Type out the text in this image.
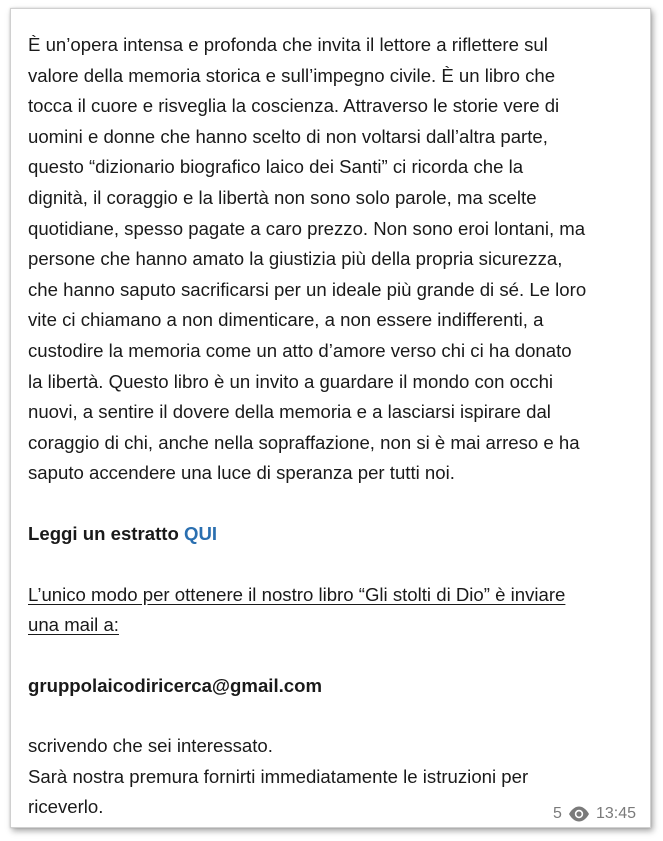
È un’opera intensa e profonda che invita il lettore a riflettere sul
valore della memoria storica e sull’impegno civile. È un libro che
tocca il cuore e risveglia la coscienza. Attraverso le storie vere di
uomini e donne che hanno scelto di non voltarsi dall’altra parte,
questo “dizionario biografico laico dei Santi” ci ricorda che la
dignità, il coraggio e la libertà non sono solo parole, ma scelte
quotidiane, spesso pagate a caro prezzo. Non sono eroi lontani, ma
persone che hanno amato la giustizia più della propria sicurezza,
che hanno saputo sacrificarsi per un ideale più grande di sé. Le loro
vite ci chiamano a non dimenticare, a non essere indifferenti, a
custodire la memoria come un atto d’amore verso chi ci ha donato
la libertà. Questo libro è un invito a guardare il mondo con occhi
nuovi, a sentire il dovere della memoria e a lasciarsi ispirare dal
coraggio di chi, anche nella sopraffazione, non si è mai arreso e ha
saputo accendere una luce di speranza per tutti noi.

Leggi un estratto QUI

L’unico modo per ottenere il nostro libro “Gli stolti di Dio” è inviare
una mail a:

gruppolaicodiricerca@gmail.com

scrivendo che sei interessato.
Sarà nostra premura fornirti immediatamente le istruzioni per
riceverlo.	5 13:45
